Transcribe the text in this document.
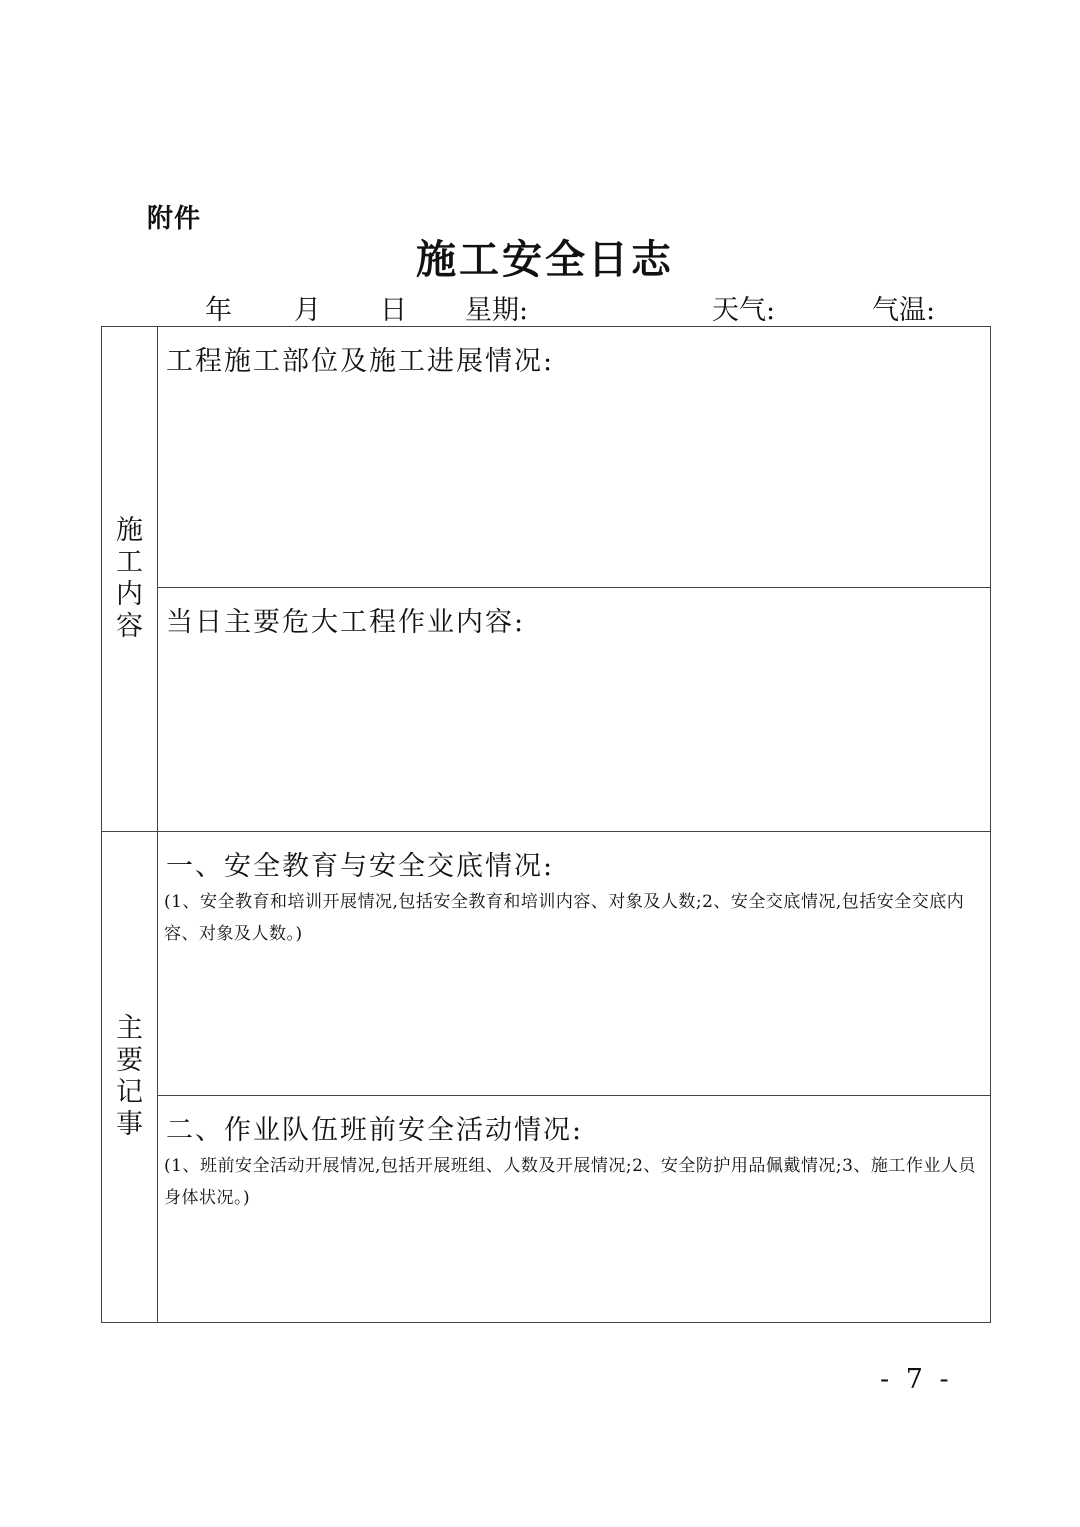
附件
施工安全日志
年 月 日 星期:	天气:	气温:
施
工
内
容	工程施工部位及施工进展情况:

	当日主要危大工程作业内容:

主
要
记
事	一、安全教育与安全交底情况:
(1、安全教育和培训开展情况,包括安全教育和培训内容、对象及人数;2、安全交底情况,包括安全交底内容、对象及人数。)

	二、作业队伍班前安全活动情况:
(1、班前安全活动开展情况,包括开展班组、人数及开展情况;2、安全防护用品佩戴情况;3、施工作业人员身体状况。)
- 7 -
